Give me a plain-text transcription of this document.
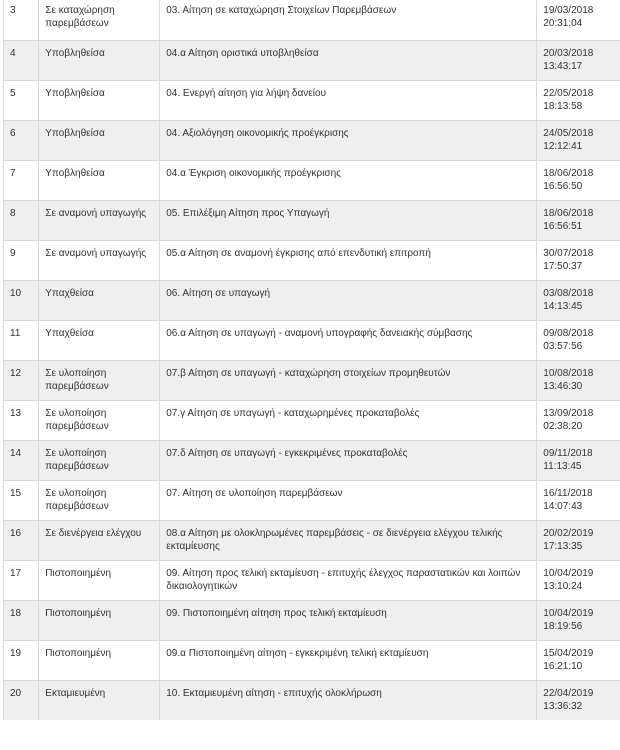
3	Σε καταχώρηση παρεμβάσεων	03. Αίτηση σε καταχώρηση Στοιχείων Παρεμβάσεων	19/03/2018
20:31:04

4	Υποβληθείσα	04.α Αίτηση οριστικά υποβληθείσα	20/03/2018
13:43:17

5	Υποβληθείσα	04. Ενεργή αίτηση για λήψη δανείου	22/05/2018
18:13:58

6	Υποβληθείσα	04. Αξιολόγηση οικονομικής προέγκρισης	24/05/2018
12:12:41

7	Υποβληθείσα	04.α Έγκριση οικονομικής προέγκρισης	18/06/2018
16:56:50

8	Σε αναμονή υπαγωγής	05. Επιλέξιμη Αίτηση προς Υπαγωγή	18/06/2018
16:56:51

9	Σε αναμονή υπαγωγής	05.α Αίτηση σε αναμονή έγκρισης από επενδυτική επιτροπή	30/07/2018
17:50:37

10	Υπαχθείσα	06. Αίτηση σε υπαγωγή	03/08/2018
14:13:45

11	Υπαχθείσα	06.α Αίτηση σε υπαγωγή - αναμονή υπογραφής δανειακής σύμβασης	09/08/2018
03:57:56

12	Σε υλοποίηση παρεμβάσεων	07.β Αίτηση σε υπαγωγή - καταχώρηση στοιχείων προμηθευτών	10/08/2018
13:46:30

13	Σε υλοποίηση παρεμβάσεων	07.γ Αίτηση σε υπαγωγή - καταχωρημένες προκαταβολές	13/09/2018
02:38:20

14	Σε υλοποίηση παρεμβάσεων	07.δ Αίτηση σε υπαγωγή - εγκεκριμένες προκαταβολές	09/11/2018
11:13:45

15	Σε υλοποίηση παρεμβάσεων	07. Αίτηση σε υλοποίηση παρεμβάσεων	16/11/2018
14:07:43

16	Σε διενέργεια ελέγχου	08.α Αίτηση με ολοκληρωμένες παρεμβάσεις - σε διενέργεια ελέγχου τελικής εκταμίευσης	20/02/2019
17:13:35

17	Πιστοποιημένη	09. Αίτηση προς τελική εκταμίευση - επιτυχής έλεγχος παραστατικών και λοιπών δικαιολογητικών	10/04/2019
13:10:24

18	Πιστοποιημένη	09. Πιστοποιημένη αίτηση προς τελική εκταμίευση	10/04/2019
18:19:56

19	Πιστοποιημένη	09.α Πιστοποιημένη αίτηση - εγκεκριμένη τελική εκταμίευση	15/04/2019
16:21:10

20	Εκταμιευμένη	10. Εκταμιευμένη αίτηση - επιτυχής ολοκλήρωση	22/04/2019
13:36:32
